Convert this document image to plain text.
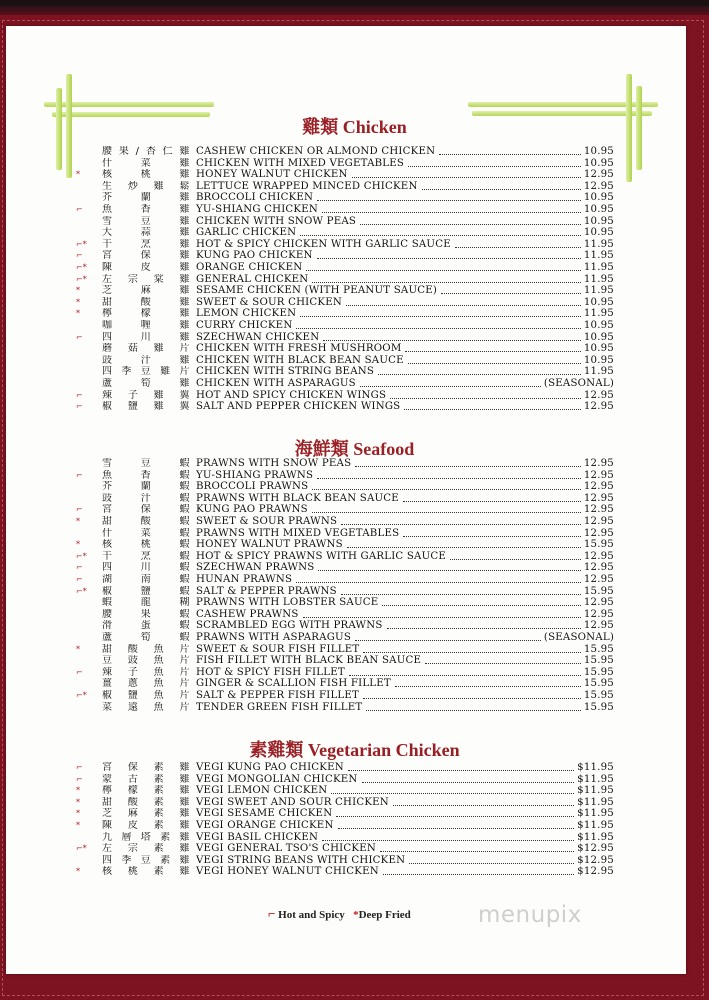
雞類 Chicken
腰果/杏仁雞 CASHEW CHICKEN OR ALMOND CHICKEN	10.95
什 菜 雞 CHICKEN WITH MIXED VEGETABLES	10.95
* 核 桃 雞 HONEY WALNUT CHICKEN	12.95
生 炒 雞 鬆 LETTUCE WRAPPED MINCED CHICKEN	12.95
芥 蘭 雞 BROCCOLI CHICKEN	10.95
⌐ 魚 香 雞 YU-SHIANG CHICKEN	10.95
雪 豆 雞 CHICKEN WITH SNOW PEAS	10.95
大 蒜 雞 GARLIC CHICKEN	10.95
⌐* 干 烹 雞 HOT & SPICY CHICKEN WITH GARLIC SAUCE	11.95
⌐ 宮 保 雞 KUNG PAO CHICKEN	11.95
⌐* 陳 皮 雞 ORANGE CHICKEN	11.95
⌐* 左 宗 棠 雞 GENERAL CHICKEN	11.95
* 芝 麻 雞 SESAME CHICKEN (WITH PEANUT SAUCE)	11.95
* 甜 酸 雞 SWEET & SOUR CHICKEN	10.95
* 檸 檬 雞 LEMON CHICKEN	11.95
咖 喱 雞 CURRY CHICKEN	10.95
⌐ 四 川 雞 SZECHWAN CHICKEN	10.95
蘑 菇 雞 片 CHICKEN WITH FRESH MUSHROOM	10.95
豉 汁 雞 CHICKEN WITH BLACK BEAN SAUCE	10.95
四季豆雞片 CHICKEN WITH STRING BEANS	11.95
蘆 筍 雞 CHICKEN WITH ASPARAGUS	(SEASONAL)
⌐ 辣 子 雞 翼 HOT AND SPICY CHICKEN WINGS	12.95
⌐ 椒 鹽 雞 翼 SALT AND PEPPER CHICKEN WINGS	12.95
海鮮類 Seafood
雪 豆 蝦 PRAWNS WITH SNOW PEAS	12.95
⌐ 魚 香 蝦 YU-SHIANG PRAWNS	12.95
芥 蘭 蝦 BROCCOLI PRAWNS	12.95
豉 汁 蝦 PRAWNS WITH BLACK BEAN SAUCE	12.95
⌐ 宮 保 蝦 KUNG PAO PRAWNS	12.95
* 甜 酸 蝦 SWEET & SOUR PRAWNS	12.95
什 菜 蝦 PRAWNS WITH MIXED VEGETABLES	12.95
* 核 桃 蝦 HONEY WALNUT PRAWNS	15.95
⌐* 干 烹 蝦 HOT & SPICY PRAWNS WITH GARLIC SAUCE	12.95
⌐ 四 川 蝦 SZECHWAN PRAWNS	12.95
⌐ 湖 南 蝦 HUNAN PRAWNS	12.95
⌐* 椒 鹽 蝦 SALT & PEPPER PRAWNS	15.95
蝦 龍 糊 PRAWNS WITH LOBSTER SAUCE	12.95
腰 果 蝦 CASHEW PRAWNS	12.95
滑 蛋 蝦 SCRAMBLED EGG WITH PRAWNS	12.95
蘆 筍 蝦 PRAWNS WITH ASPARAGUS	(SEASONAL)
* 甜 酸 魚 片 SWEET & SOUR FISH FILLET	15.95
豆 豉 魚 片 FISH FILLET WITH BLACK BEAN SAUCE	15.95
⌐ 辣 子 魚 片 HOT & SPICY FISH FILLET	15.95
薑 蔥 魚 片 GINGER & SCALLION FISH FILLET	15.95
⌐* 椒 鹽 魚 片 SALT & PEPPER FISH FILLET	15.95
菜 遠 魚 片 TENDER GREEN FISH FILLET	15.95
素雞類 Vegetarian Chicken
⌐ 宮 保 素 雞 VEGI KUNG PAO CHICKEN	$11.95
⌐ 蒙 古 素 雞 VEGI MONGOLIAN CHICKEN	$11.95
* 檸 檬 素 雞 VEGI LEMON CHICKEN	$11.95
* 甜 酸 素 雞 VEGI SWEET AND SOUR CHICKEN	$11.95
* 芝 麻 素 雞 VEGI SESAME CHICKEN	$11.95
* 陳 皮 素 雞 VEGI ORANGE CHICKEN	$11.95
九層塔素雞 VEGI BASIL CHICKEN	$11.95
⌐* 左 宗 素 雞 VEGI GENERAL TSO'S CHICKEN	$12.95
四季豆素雞 VEGI STRING BEANS WITH CHICKEN	$12.95
* 核 桃 素 雞 VEGI HONEY WALNUT CHICKEN	$12.95
⌐ Hot and Spicy *Deep Fried	menupix
